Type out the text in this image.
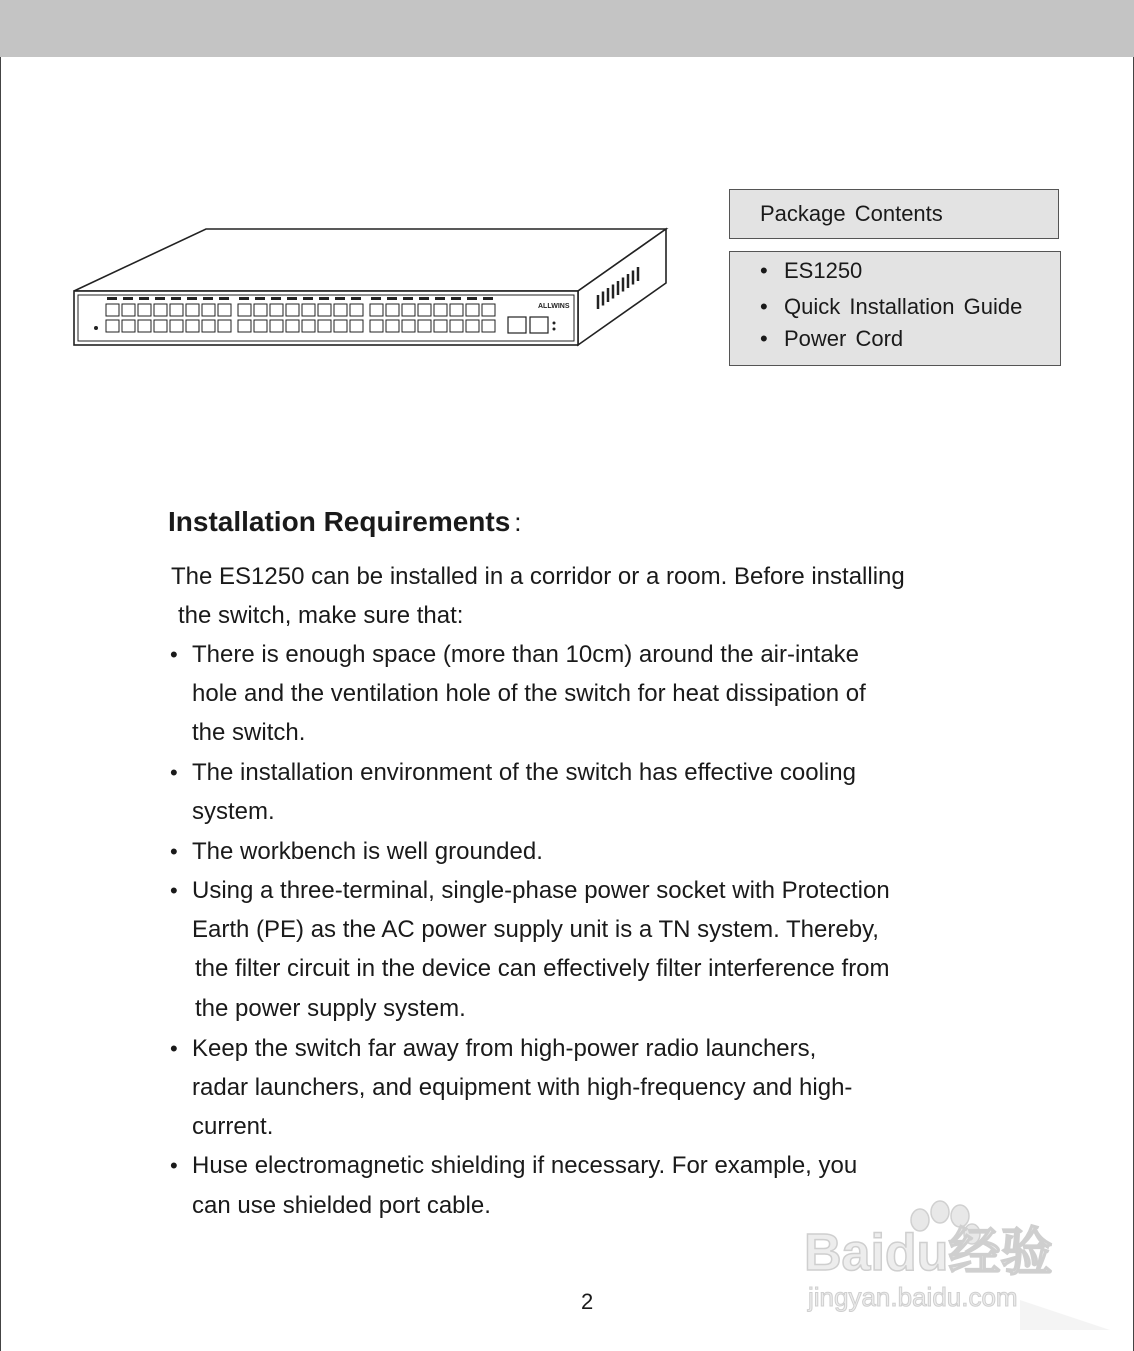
ALLWINS
Package Contents
• ES1250
• Quick Installation Guide
• Power Cord
Installation Requirements :
The ES1250 can be installed in a corridor or a room. Before installing
the switch, make sure that:
• There is enough space (more than 10cm) around the air-intake
hole and the ventilation hole of the switch for heat dissipation of
the switch.
• The installation environment of the switch has effective cooling
system.
• The workbench is well grounded.
• Using a three-terminal, single-phase power socket with Protection
Earth (PE) as the AC power supply unit is a TN system. Thereby,
the filter circuit in the device can effectively filter interference from
the power supply system.
• Keep the switch far away from high-power radio launchers,
radar launchers, and equipment with high-frequency and high-
current.
• Huse electromagnetic shielding if necessary. For example, you
can use shielded port cable.
2
Baidu经验
jingyan.baidu.com
